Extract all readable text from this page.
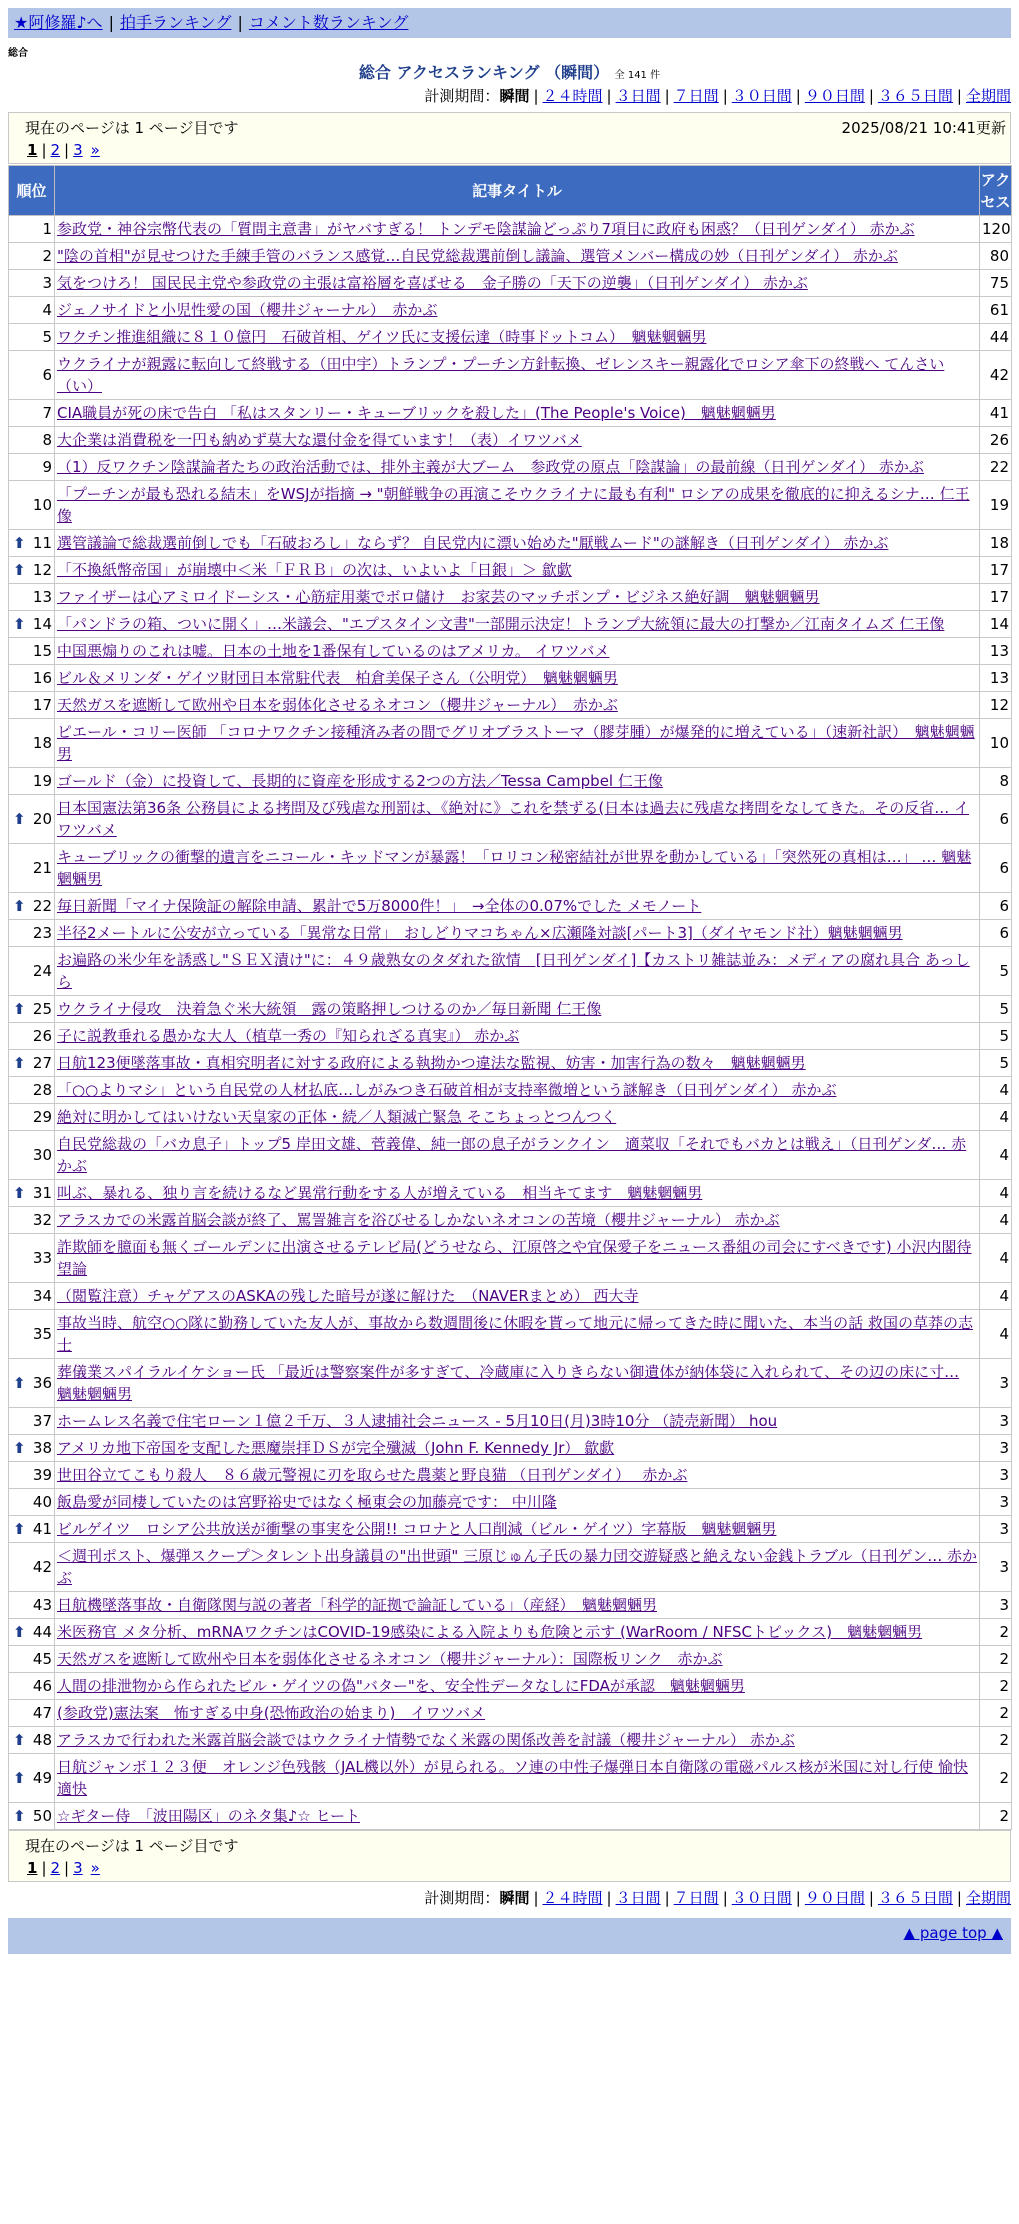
★阿修羅♪へ | 拍手ランキング | コメント数ランキング
総合
総合 アクセスランキング （瞬間） 全 141 件
計測期間：瞬間 | ２４時間 | ３日間 | ７日間 | ３０日間 | ９０日間 | ３６５日間 | 全期間
現在のページは 1 ページ目です	2025/08/21 10:41更新
1 | 2 | 3 »
順位	記事タイトル	アクセス
1	参政党・神谷宗幣代表の「質問主意書」がヤバすぎる！ トンデモ陰謀論どっぷり7項目に政府も困惑？（日刊ゲンダイ） 赤かぶ	120
2	"陰の首相"が見せつけた手練手管のバランス感覚…自民党総裁選前倒し議論、選管メンバー構成の妙（日刊ゲンダイ） 赤かぶ	80
3	気をつけろ！ 国民民主党や参政党の主張は富裕層を喜ばせる　金子勝の「天下の逆襲」（日刊ゲンダイ） 赤かぶ	75
4	ジェノサイドと小児性愛の国（櫻井ジャーナル）　赤かぶ	61
5	ワクチン推進組織に８１０億円　石破首相、ゲイツ氏に支援伝達（時事ドットコム）　魑魅魍魎男	44
6	ウクライナが親露に転向して終戦する（田中宇）トランプ・プーチン方針転換、ゼレンスキー親露化でロシア傘下の終戦へ てんさい（い）	42
7	CIA職員が死の床で告白 「私はスタンリー・キューブリックを殺した」(The People's Voice)　魑魅魍魎男	41
8	大企業は消費税を一円も納めず莫大な還付金を得ています！（表）イワツバメ	26
9	（1）反ワクチン陰謀論者たちの政治活動では、排外主義が大ブーム　参政党の原点「陰謀論」の最前線（日刊ゲンダイ） 赤かぶ	22
10	「プーチンが最も恐れる結末」をWSJが指摘 → "朝鮮戦争の再演こそウクライナに最も有利" ロシアの成果を徹底的に抑えるシナ… 仁王像	19

⬆ 11	選管議論で総裁選前倒しでも「石破おろし」ならず？ 自民党内に漂い始めた"厭戦ムード"の謎解き（日刊ゲンダイ） 赤かぶ	18

⬆ 12	「不換紙幣帝国」が崩壊中＜米「ＦＲＢ」の次は、いよいよ「日銀」＞ 歙歔	17
13	ファイザーは心アミロイドーシス・心筋症用薬でボロ儲け　お家芸のマッチポンプ・ビジネス絶好調　魑魅魍魎男	17

⬆ 14	「パンドラの箱、ついに開く」…米議会、"エプスタイン文書"一部開示決定！トランプ大統領に最大の打撃か／江南タイムズ 仁王像	14
15	中国悪煽りのこれは嘘。日本の土地を1番保有しているのはアメリカ。 イワツバメ	13
16	ビル＆メリンダ・ゲイツ財団日本常駐代表　柏倉美保子さん（公明党）　魑魅魍魎男	13
17	天然ガスを遮断して欧州や日本を弱体化させるネオコン（櫻井ジャーナル）　赤かぶ	12
18	ピエール・コリー医師 「コロナワクチン接種済み者の間でグリオブラストーマ（膠芽腫）が爆発的に増えている」（速新社訳）　魑魅魍魎男	10
19	ゴールド（金）に投資して、長期的に資産を形成する2つの方法／Tessa Campbel 仁王像	8

⬆ 20	日本国憲法第36条 公務員による拷問及び残虐な刑罰は、《絶対に》これを禁ずる(日本は過去に残虐な拷問をなしてきた。その反省… イワツバメ	6
21	キューブリックの衝撃的遺言をニコール・キッドマンが暴露！「ロリコン秘密結社が世界を動かしている」「突然死の真相は…」 … 魑魅魍魎男	6

⬆ 22	毎日新聞「マイナ保険証の解除申請、累計で5万8000件！」　→全体の0.07%でした メモノート	6
23	半径2メートルに公安が立っている「異常な日常」　おしどりマコちゃん×広瀬隆対談[パート3]（ダイヤモンド社）魑魅魍魎男	6
24	お遍路の米少年を誘惑し"ＳＥＸ漬け"に：４９歳熟女のタダれた欲情　[日刊ゲンダイ]【カストリ雑誌並み：メディアの腐れ具合 あっしら	5

⬆ 25	ウクライナ侵攻　決着急ぐ米大統領　露の策略押しつけるのか／毎日新聞 仁王像	5
26	子に説教垂れる愚かな大人（植草一秀の『知られざる真実』） 赤かぶ	5

⬆ 27	日航123便墜落事故・真相究明者に対する政府による執拗かつ違法な監視、妨害・加害行為の数々　魑魅魍魎男	5
28	「○○よりマシ」という自民党の人材払底…しがみつき石破首相が支持率微増という謎解き（日刊ゲンダイ） 赤かぶ	4
29	絶対に明かしてはいけない天皇家の正体・続／人類滅亡緊急 そこちょっとつんつく	4
30	自民党総裁の「バカ息子」トップ5 岸田文雄、菅義偉、純一郎の息子がランクイン　適菜収「それでもバカとは戦え」（日刊ゲンダ… 赤かぶ	4

⬆ 31	叫ぶ、暴れる、独り言を続けるなど異常行動をする人が増えている　相当キてます　魑魅魍魎男	4
32	アラスカでの米露首脳会談が終了、罵詈雑言を浴びせるしかないネオコンの苦境（櫻井ジャーナル） 赤かぶ	4
33	詐欺師を臆面も無くゴールデンに出演させるテレビ局(どうせなら、江原啓之や宜保愛子をニュース番組の司会にすべきです) 小沢内閣待望論	4
34	（閲覧注意）チャゲアスのASKAの残した暗号が遂に解けた　（NAVERまとめ） 西大寺	4
35	事故当時、航空○○隊に勤務していた友人が、事故から数週間後に休暇を貰って地元に帰ってきた時に聞いた、本当の話 救国の草莽の志士	4

⬆ 36	葬儀業スパイラルイケショー氏 「最近は警察案件が多すぎて、冷蔵庫に入りきらない御遺体が納体袋に入れられて、その辺の床に寸… 魑魅魍魎男	3
37	ホームレス名義で住宅ローン１億２千万、３人逮捕社会ニュース - 5月10日(月)3時10分 （読売新聞） hou	3

⬆ 38	アメリカ地下帝国を支配した悪魔崇拝ＤＳが完全殲滅（John F. Kennedy Jr） 歙歔	3
39	世田谷立てこもり殺人　８６歳元警視に刃を取らせた農薬と野良猫 （日刊ゲンダイ）　 赤かぶ	3
40	飯島愛が同棲していたのは宮野裕史ではなく極東会の加藤亮です： 中川隆	3

⬆ 41	ビルゲイツ　ロシア公共放送が衝撃の事実を公開!! コロナと人口削減（ビル・ゲイツ）字幕版　魑魅魍魎男	3
42	＜週刊ポスト、爆弾スクープ＞タレント出身議員の"出世頭" 三原じゅん子氏の暴力団交遊疑惑と絶えない金銭トラブル（日刊ゲン… 赤かぶ	3
43	日航機墜落事故・自衛隊関与説の著者「科学的証拠で論証している」（産経）　魑魅魍魎男	3

⬆ 44	米医務官 メタ分析、mRNAワクチンはCOVID-19感染による入院よりも危険と示す (WarRoom / NFSCトピックス)　魑魅魍魎男	2
45	天然ガスを遮断して欧州や日本を弱体化させるネオコン（櫻井ジャーナル）：国際板リンク　赤かぶ	2
46	人間の排泄物から作られたビル・ゲイツの偽"バター"を、安全性データなしにFDAが承認　魑魅魍魎男	2
47	(参政党)憲法案　怖すぎる中身(恐怖政治の始まり)　イワツバメ	2

⬆ 48	アラスカで行われた米露首脳会談ではウクライナ情勢でなく米露の関係改善を討議（櫻井ジャーナル） 赤かぶ	2

⬆ 49	日航ジャンボ１２３便　オレンジ色残骸（JAL機以外）が見られる。ソ連の中性子爆弾日本自衛隊の電磁パルス核が米国に対し行使 愉快適快	2

⬆ 50	☆ギター侍　「波田陽区」のネタ集♪☆ ヒート	2
現在のページは 1 ページ目です
1 | 2 | 3 »
計測期間：瞬間 | ２４時間 | ３日間 | ７日間 | ３０日間 | ９０日間 | ３６５日間 | 全期間
▲ page top ▲
